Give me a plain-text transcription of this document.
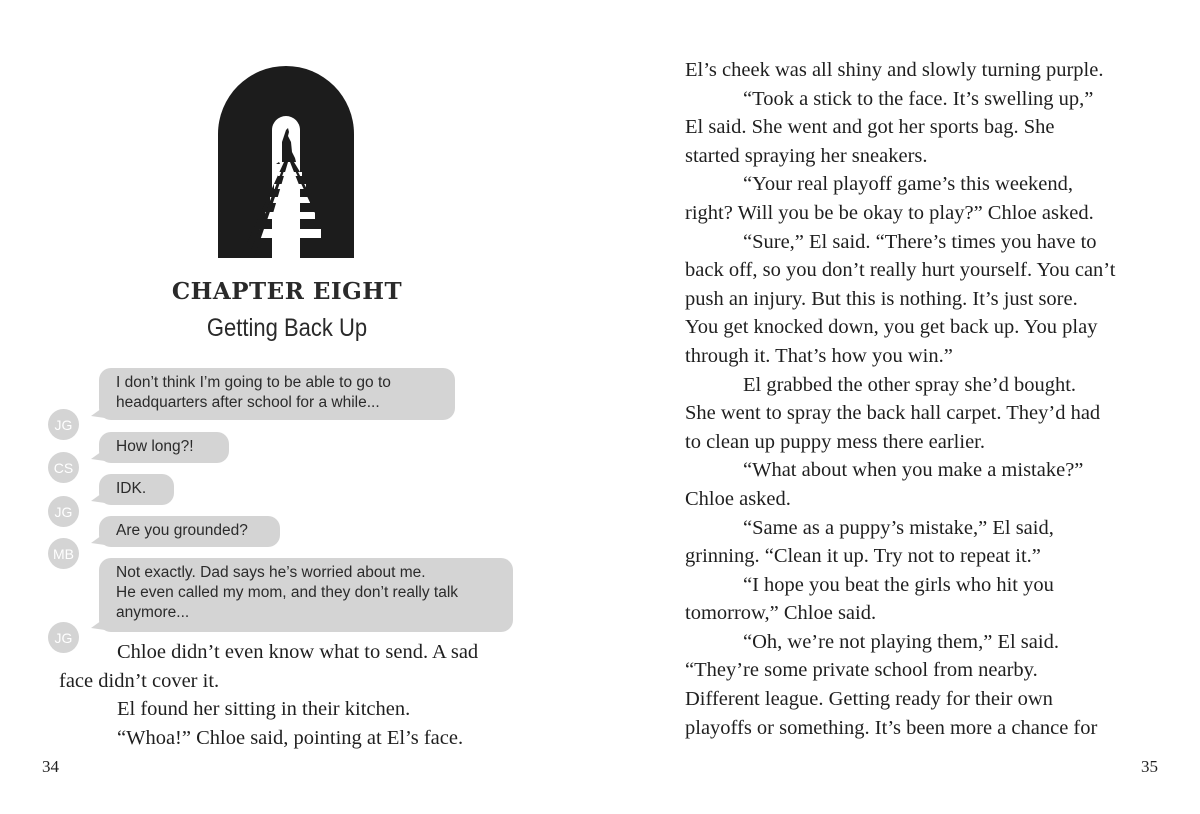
CHAPTER EIGHT
Getting Back Up
I don’t think I’m going to be able to go to
headquarters after school for a while...
JG
How long?!
CS
IDK.
JG
Are you grounded?
MB
Not exactly. Dad says he’s worried about me.
He even called my mom, and they don’t really talk
anymore...
JG
Chloe didn’t even know what to send. A sad
face didn’t cover it.
El found her sitting in their kitchen.
“Whoa!” Chloe said, pointing at El’s face.
34
El’s cheek was all shiny and slowly turning purple.
“Took a stick to the face. It’s swelling up,”
El said. She went and got her sports bag. She
started spraying her sneakers.
“Your real playoff game’s this weekend,
right? Will you be be okay to play?” Chloe asked.
“Sure,” El said. “There’s times you have to
back off, so you don’t really hurt yourself. You can’t
push an injury. But this is nothing. It’s just sore.
You get knocked down, you get back up. You play
through it. That’s how you win.”
El grabbed the other spray she’d bought.
She went to spray the back hall carpet. They’d had
to clean up puppy mess there earlier.
“What about when you make a mistake?”
Chloe asked.
“Same as a puppy’s mistake,” El said,
grinning. “Clean it up. Try not to repeat it.”
“I hope you beat the girls who hit you
tomorrow,” Chloe said.
“Oh, we’re not playing them,” El said.
“They’re some private school from nearby.
Different league. Getting ready for their own
playoffs or something. It’s been more a chance for
35
